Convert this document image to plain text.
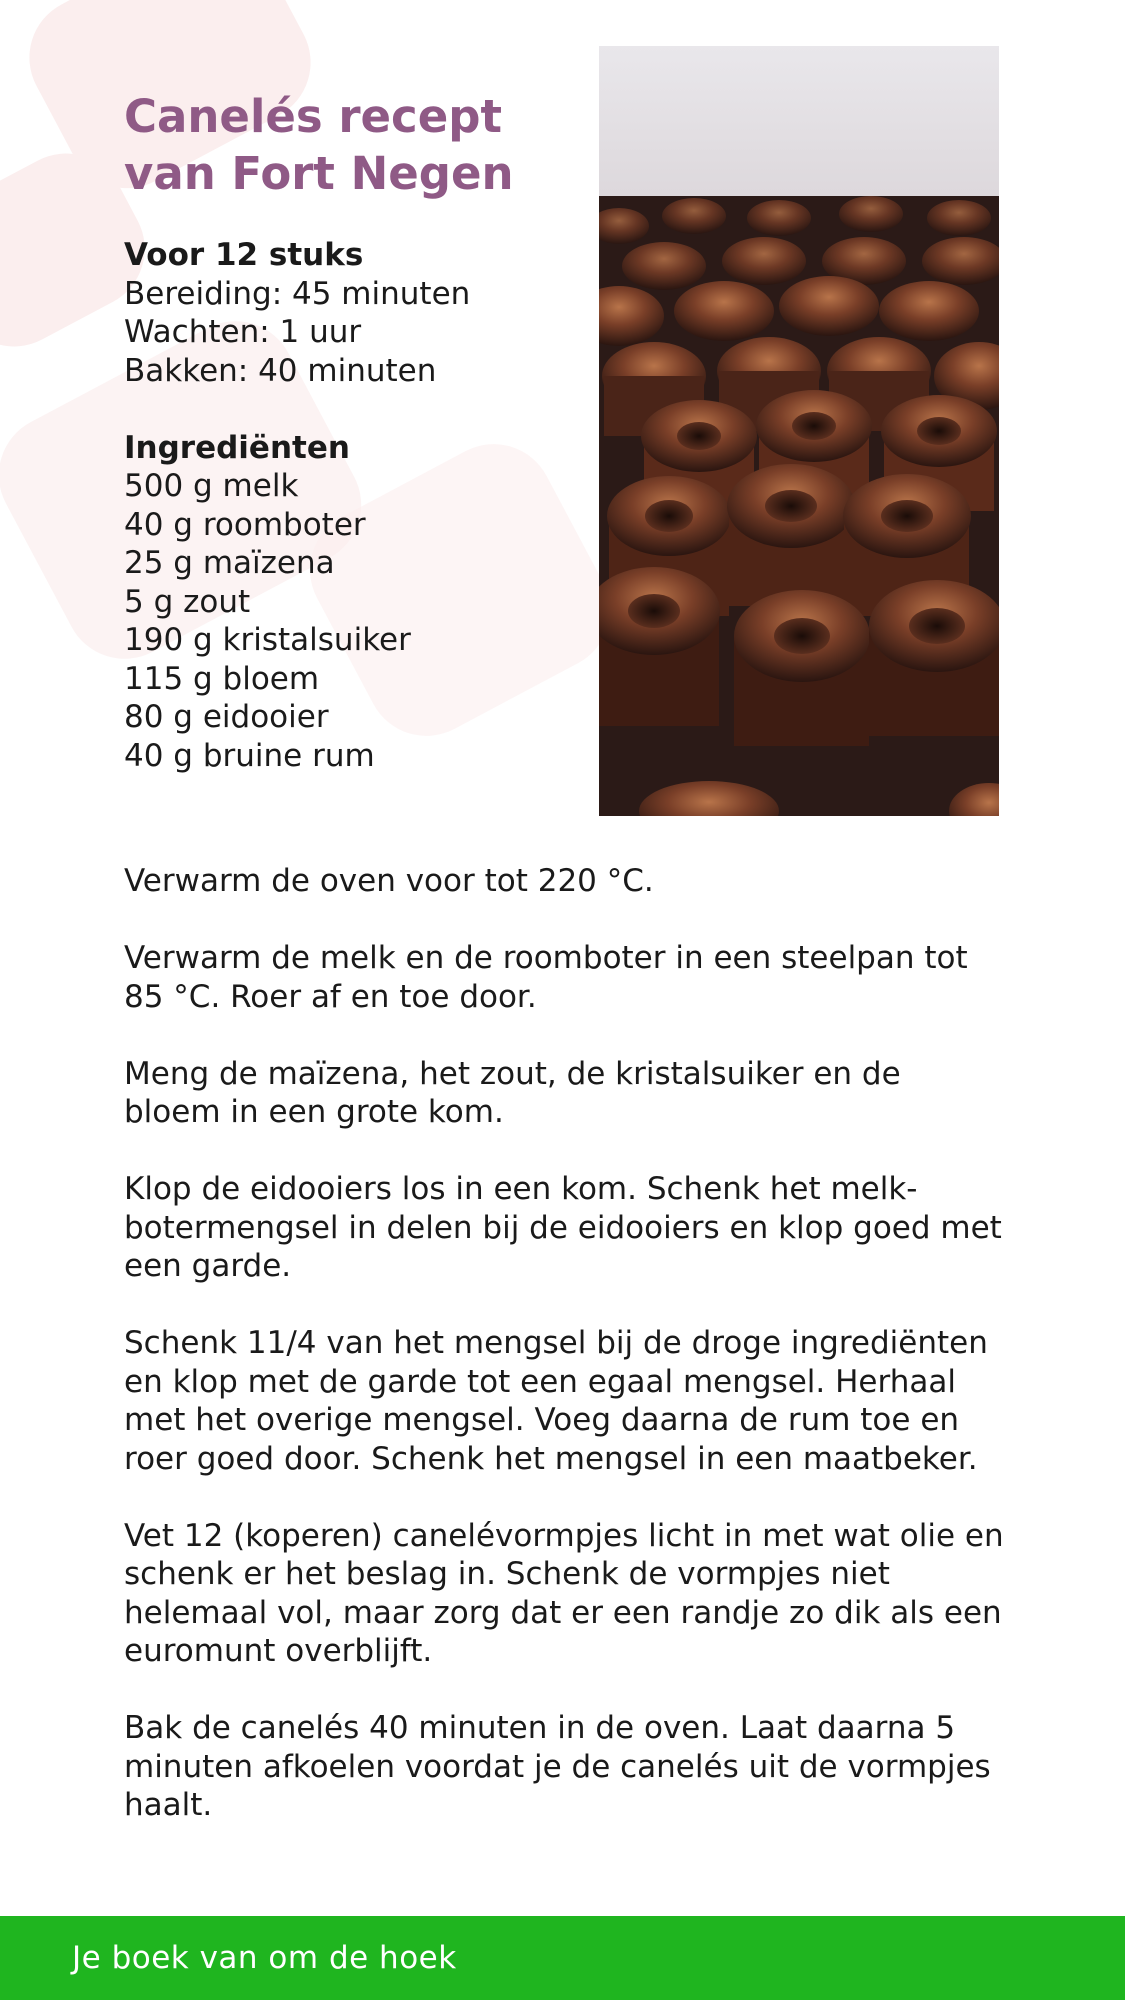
Canelés recept van Fort Negen
Voor 12 stuks
Bereiding: 45 minuten
Wachten: 1 uur
Bakken: 40 minuten
Ingrediënten
500 g melk
40 g roomboter
25 g maïzena
5 g zout
190 g kristalsuiker
115 g bloem
80 g eidooier
40 g bruine rum

Verwarm de oven voor tot 220 °C.

Verwarm de melk en de roomboter in een steelpan tot 85 °C. Roer af en toe door.

Meng de maïzena, het zout, de kristalsuiker en de bloem in een grote kom.

Klop de eidooiers los in een kom. Schenk het melk-botermengsel in delen bij de eidooiers en klop goed met een garde.

Schenk 11/4 van het mengsel bij de droge ingrediënten en klop met de garde tot een egaal mengsel. Herhaal met het overige mengsel. Voeg daarna de rum toe en roer goed door. Schenk het mengsel in een maatbeker.

Vet 12 (koperen) canelévormpjes licht in met wat olie en schenk er het beslag in. Schenk de vormpjes niet helemaal vol, maar zorg dat er een randje zo dik als een euromunt overblijft.

Bak de canelés 40 minuten in de oven. Laat daarna 5 minuten afkoelen voordat je de canelés uit de vormpjes haalt.

Je boek van om de hoek
